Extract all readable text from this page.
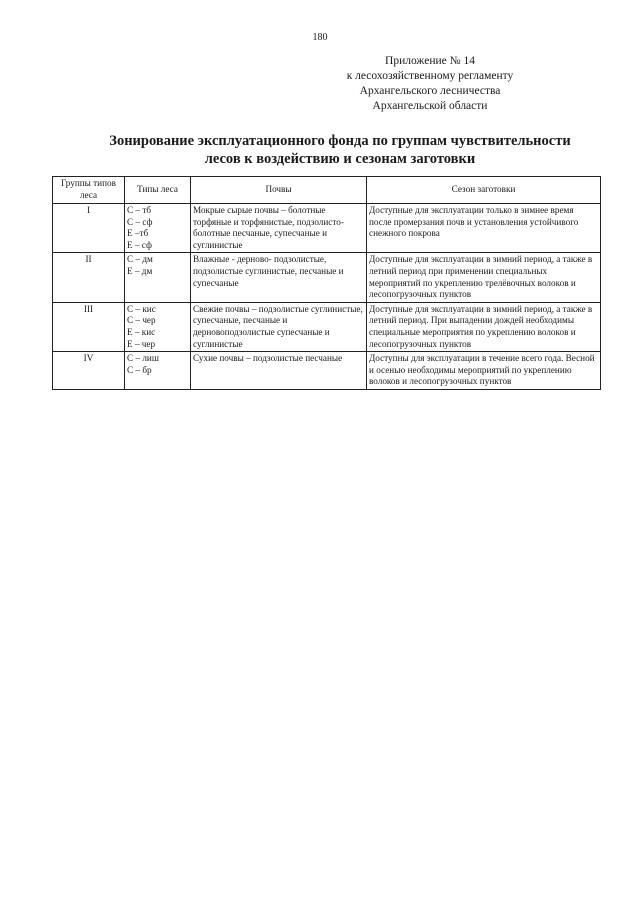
180
Приложение № 14
к лесохозяйственному регламенту
Архангельского лесничества
Архангельской области
Зонирование эксплуатационного фонда по группам чувствительности
лесов к воздействию и сезонам заготовки
Группы типов леса	Типы леса	Почвы	Сезон заготовки
I	С – тб
С – сф
Е –тб
Е – сф	Мокрые сырые почвы – болотные торфяные и торфянистые, подзолисто-болотные песчаные, супесчаные и суглинистые	Доступные для эксплуатации только в зимнее время после промерзания почв и установления устойчивого снежного покрова
II	С – дм
Е – дм	Влажные - дерново- подзолистые, подзолистые суглинистые, песчаные и супесчаные	Доступные для эксплуатации в зимний период, а также в летний период при применении специальных мероприятий по укреплению трелёвочных волоков и лесопогрузочных пунктов
III	С – кис
С – чер
Е – кис
Е – чер	Свежие почвы – подзолистые суглинистые, супесчаные, песчаные и дерновоподзолистые супесчаные и суглинистые	Доступные для эксплуатации в зимний период, а также в летний период. При выпадении дождей необходимы специальные мероприятия по укреплению волоков и лесопогрузочных пунктов
IV	С – лиш
С – бр	Сухие почвы – подзолистые песчаные	Доступны для эксплуатации в течение всего года. Весной и осенью необходимы мероприятий по укреплению волоков и лесопогрузочных пунктов
